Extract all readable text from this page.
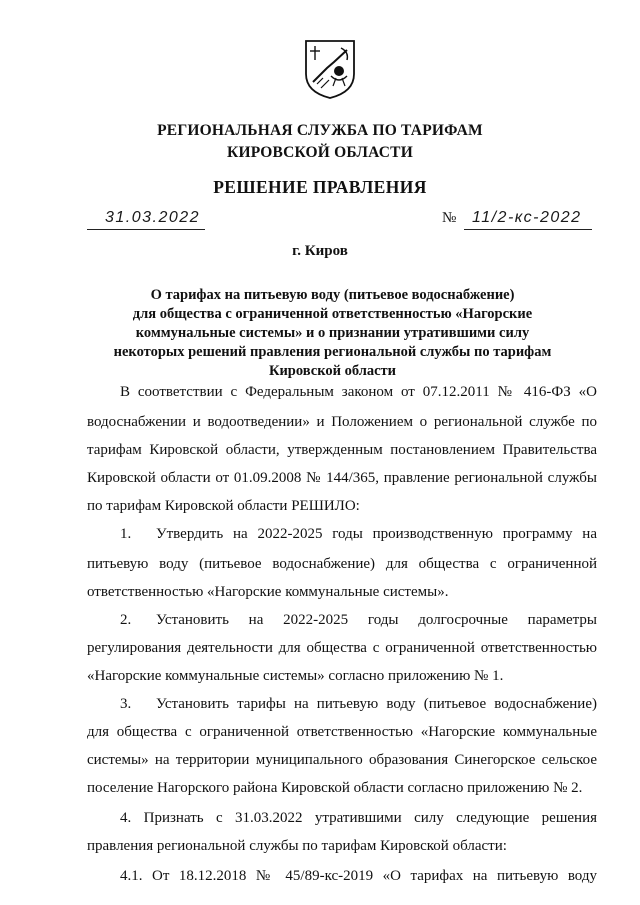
РЕГИОНАЛЬНАЯ СЛУЖБА ПО ТАРИФАМ
КИРОВСКОЙ ОБЛАСТИ
РЕШЕНИЕ ПРАВЛЕНИЯ
31.03.2022	№ 11/2-кс-2022
г. Киров
О тарифах на питьевую воду (питьевое водоснабжение)
для общества с ограниченной ответственностью «Нагорские
коммунальные системы» и о признании утратившими силу
некоторых решений правления региональной службы по тарифам
Кировской области
В соответствии с Федеральным законом от 07.12.2011 № 416-ФЗ «О
водоснабжении и водоотведении» и Положением о региональной службе по
тарифам Кировской области, утвержденным постановлением Правительства
Кировской области от 01.09.2008 № 144/365, правление региональной службы
по тарифам Кировской области РЕШИЛО:
1. Утвердить на 2022-2025 годы производственную программу на
питьевую воду (питьевое водоснабжение) для общества с ограниченной
ответственностью «Нагорские коммунальные системы».
2. Установить на 2022-2025 годы долгосрочные параметры
регулирования деятельности для общества с ограниченной ответственностью
«Нагорские коммунальные системы» согласно приложению № 1.
3. Установить тарифы на питьевую воду (питьевое водоснабжение)
для общества с ограниченной ответственностью «Нагорские коммунальные
системы» на территории муниципального образования Синегорское сельское
поселение Нагорского района Кировской области согласно приложению № 2.
4. Признать с 31.03.2022 утратившими силу следующие решения
правления региональной службы по тарифам Кировской области:
4.1. От 18.12.2018 № 45/89-кс-2019 «О тарифах на питьевую воду
